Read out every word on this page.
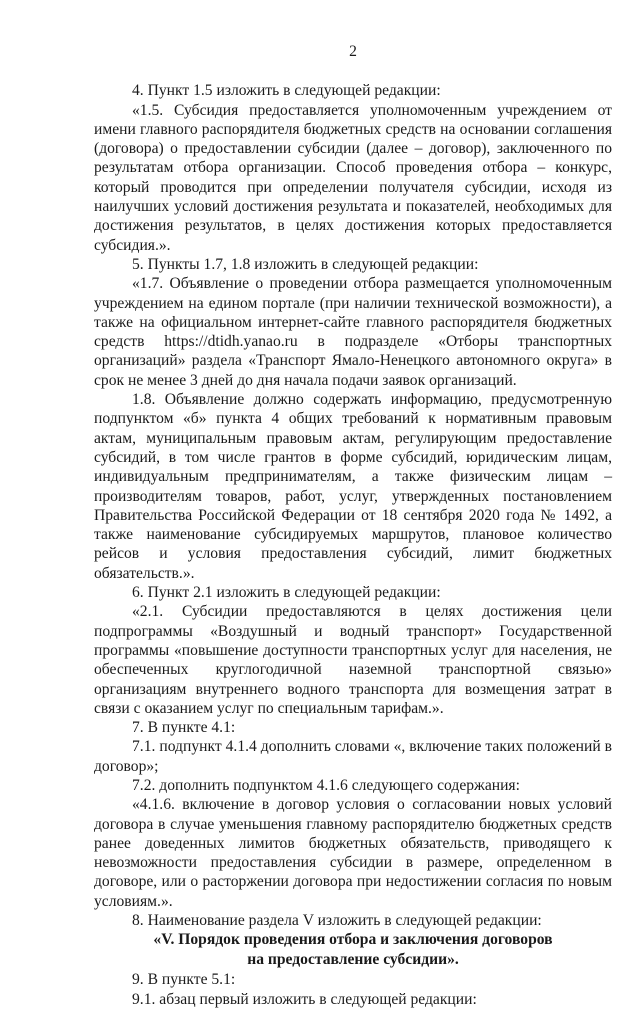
2

4. Пункт 1.5 изложить в следующей редакции:

«1.5. Субсидия предоставляется уполномоченным учреждением от имени главного распорядителя бюджетных средств на основании соглашения (договора) о предоставлении субсидии (далее – договор), заключенного по результатам отбора организации. Способ проведения отбора – конкурс, который проводится при определении получателя субсидии, исходя из наилучших условий достижения результата и показателей, необходимых для достижения результатов, в целях достижения которых предоставляется субсидия.».

5. Пункты 1.7, 1.8 изложить в следующей редакции:

«1.7. Объявление о проведении отбора размещается уполномоченным учреждением на едином портале (при наличии технической возможности), а также на официальном интернет-сайте главного распорядителя бюджетных средств https://dtidh.yanao.ru в подразделе «Отборы транспортных организаций» раздела «Транспорт Ямало-Ненецкого автономного округа» в срок не менее 3 дней до дня начала подачи заявок организаций.

1.8. Объявление должно содержать информацию, предусмотренную подпунктом «б» пункта 4 общих требований к нормативным правовым актам, муниципальным правовым актам, регулирующим предоставление субсидий, в том числе грантов в форме субсидий, юридическим лицам, индивидуальным предпринимателям, а также физическим лицам – производителям товаров, работ, услуг, утвержденных постановлением Правительства Российской Федерации от 18 сентября 2020 года № 1492, а также наименование субсидируемых маршрутов, плановое количество рейсов и условия предоставления субсидий, лимит бюджетных обязательств.».

6. Пункт 2.1 изложить в следующей редакции:

«2.1. Субсидии предоставляются в целях достижения цели подпрограммы «Воздушный и водный транспорт» Государственной программы «повышение доступности транспортных услуг для населения, не обеспеченных круглогодичной наземной транспортной связью» организациям внутреннего водного транспорта для возмещения затрат в связи с оказанием услуг по специальным тарифам.».

7. В пункте 4.1:

7.1. подпункт 4.1.4 дополнить словами «, включение таких положений в договор»;

7.2. дополнить подпунктом 4.1.6 следующего содержания:

«4.1.6. включение в договор условия о согласовании новых условий договора в случае уменьшения главному распорядителю бюджетных средств ранее доведенных лимитов бюджетных обязательств, приводящего к невозможности предоставления субсидии в размере, определенном в договоре, или о расторжении договора при недостижении согласия по новым условиям.».

8. Наименование раздела V изложить в следующей редакции:

«V. Порядок проведения отбора и заключения договоров

на предоставление субсидии».

9. В пункте 5.1:

9.1. абзац первый изложить в следующей редакции:
